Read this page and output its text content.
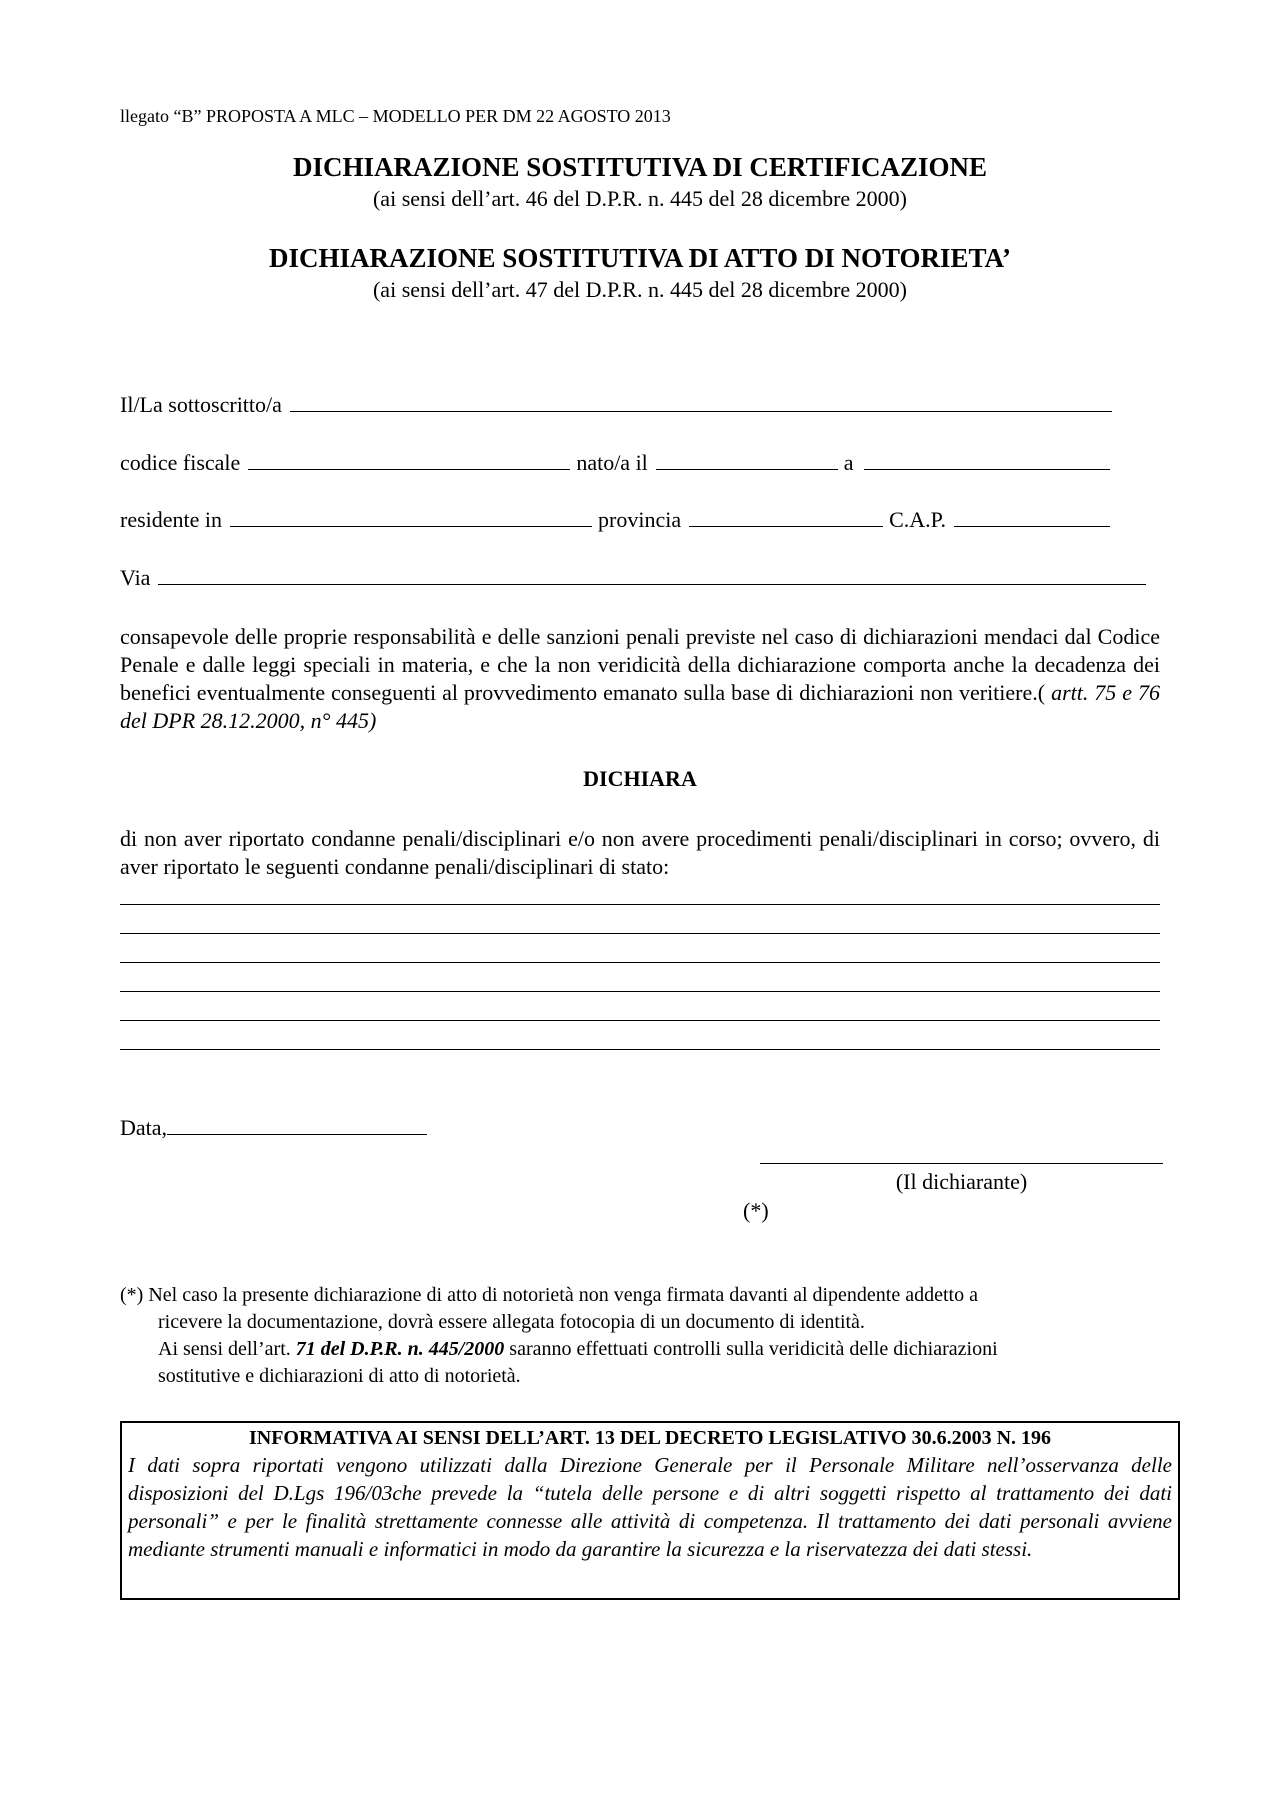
llegato “B” PROPOSTA A MLC – MODELLO PER DM 22 AGOSTO 2013
DICHIARAZIONE SOSTITUTIVA DI CERTIFICAZIONE
(ai sensi dell’art. 46 del D.P.R. n. 445 del 28 dicembre 2000)
DICHIARAZIONE SOSTITUTIVA DI ATTO DI NOTORIETA’
(ai sensi dell’art. 47 del D.P.R. n. 445 del 28 dicembre 2000)
Il/La sottoscritto/a
codice fiscale	nato/a il	a
residente in	provincia	C.A.P.
Via
consapevole delle proprie responsabilità e delle sanzioni penali previste nel caso di dichiarazioni mendaci dal Codice Penale e dalle leggi speciali in materia, e che la non veridicità della dichiarazione comporta anche la decadenza dei benefici eventualmente conseguenti al provvedimento emanato sulla base di dichiarazioni non veritiere.( artt. 75 e 76 del DPR 28.12.2000, n° 445)
DICHIARA
di non aver riportato condanne penali/disciplinari e/o non avere procedimenti penali/disciplinari in corso; ovvero, di aver riportato le seguenti condanne penali/disciplinari di stato:
Data,
(Il dichiarante)
(*)
(*) Nel caso la presente dichiarazione di atto di notorietà non venga firmata davanti al dipendente addetto a
ricevere la documentazione, dovrà essere allegata fotocopia di un documento di identità.
Ai sensi dell’art. 71 del D.P.R. n. 445/2000 saranno effettuati controlli sulla veridicità delle dichiarazioni
sostitutive e dichiarazioni di atto di notorietà.
INFORMATIVA AI SENSI DELL’ART. 13 DEL DECRETO LEGISLATIVO 30.6.2003 N. 196
I dati sopra riportati vengono utilizzati dalla Direzione Generale per il Personale Militare nell’osservanza delle disposizioni del D.Lgs 196/03che prevede la “tutela delle persone e di altri soggetti rispetto al trattamento dei dati personali” e per le finalità strettamente connesse alle attività di competenza. Il trattamento dei dati personali avviene mediante strumenti manuali e informatici in modo da garantire la sicurezza e la riservatezza dei dati stessi.
